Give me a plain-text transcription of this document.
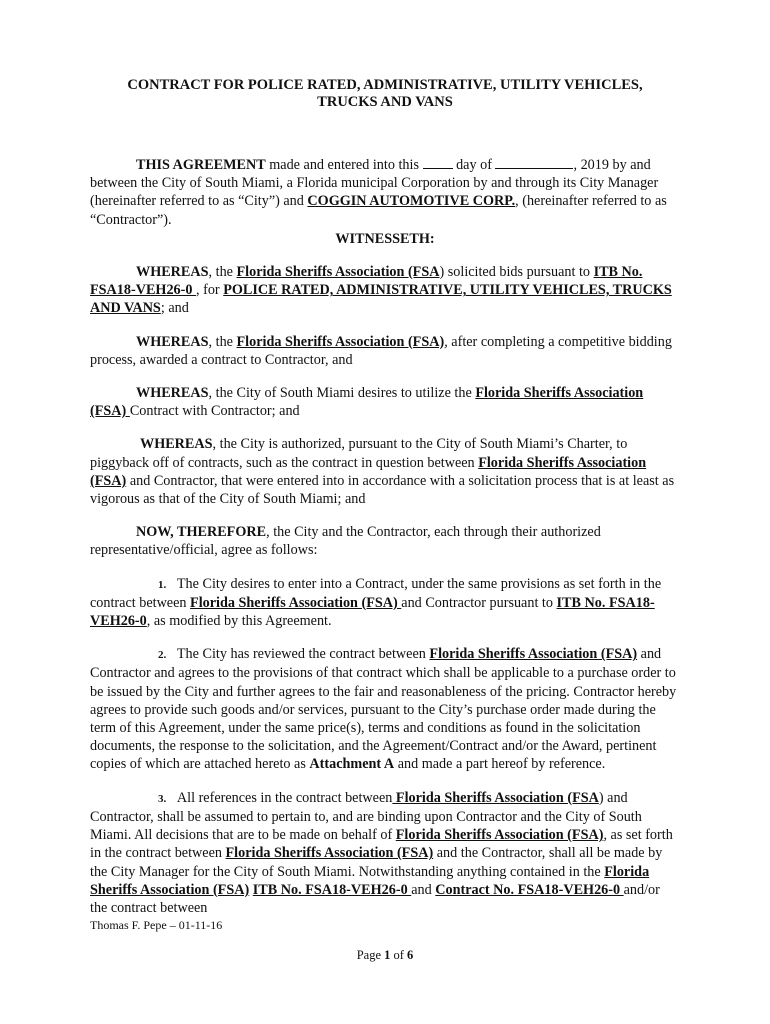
CONTRACT FOR POLICE RATED, ADMINISTRATIVE, UTILITY VEHICLES,
TRUCKS AND VANS

THIS AGREEMENT made and entered into this  day of	, 2019 by and between the City of South Miami, a Florida municipal Corporation by and through its City Manager (hereinafter referred to as “City”) and COGGIN AUTOMOTIVE CORP., (hereinafter referred to as “Contractor”).

WITNESSETH:

WHEREAS, the Florida Sheriffs Association (FSA) solicited bids pursuant to ITB No. FSA18-VEH26-0 , for POLICE RATED, ADMINISTRATIVE, UTILITY VEHICLES, TRUCKS AND VANS; and

WHEREAS, the Florida Sheriffs Association (FSA), after completing a competitive bidding process, awarded a contract to Contractor, and

WHEREAS, the City of South Miami desires to utilize the Florida Sheriffs Association (FSA) Contract with Contractor; and

WHEREAS, the City is authorized, pursuant to the City of South Miami’s Charter, to piggyback off of contracts, such as the contract in question between Florida Sheriffs Association (FSA) and Contractor, that were entered into in accordance with a solicitation process that is at least as vigorous as that of the City of South Miami; and

NOW, THEREFORE, the City and the Contractor, each through their authorized representative/official, agree as follows:

1. The City desires to enter into a Contract, under the same provisions as set forth in the contract between Florida Sheriffs Association (FSA) and Contractor pursuant to ITB No. FSA18-VEH26-0, as modified by this Agreement.

2. The City has reviewed the contract between Florida Sheriffs Association (FSA) and Contractor and agrees to the provisions of that contract which shall be applicable to a purchase order to be issued by the City and further agrees to the fair and reasonableness of the pricing. Contractor hereby agrees to provide such goods and/or services, pursuant to the City’s purchase order made during the term of this Agreement, under the same price(s), terms and conditions as found in the solicitation documents, the response to the solicitation, and the Agreement/Contract and/or the Award, pertinent copies of which are attached hereto as Attachment A and made a part hereof by reference.

3. All references in the contract between Florida Sheriffs Association (FSA) and Contractor, shall be assumed to pertain to, and are binding upon Contractor and the City of South Miami. All decisions that are to be made on behalf of Florida Sheriffs Association (FSA), as set forth in the contract between Florida Sheriffs Association (FSA) and the Contractor, shall all be made by the City Manager for the City of South Miami. Notwithstanding anything contained in the Florida Sheriffs Association (FSA) ITB No. FSA18-VEH26-0 and Contract No. FSA18-VEH26-0 and/or the contract between

Thomas F. Pepe – 01-11-16
Page 1 of 6
